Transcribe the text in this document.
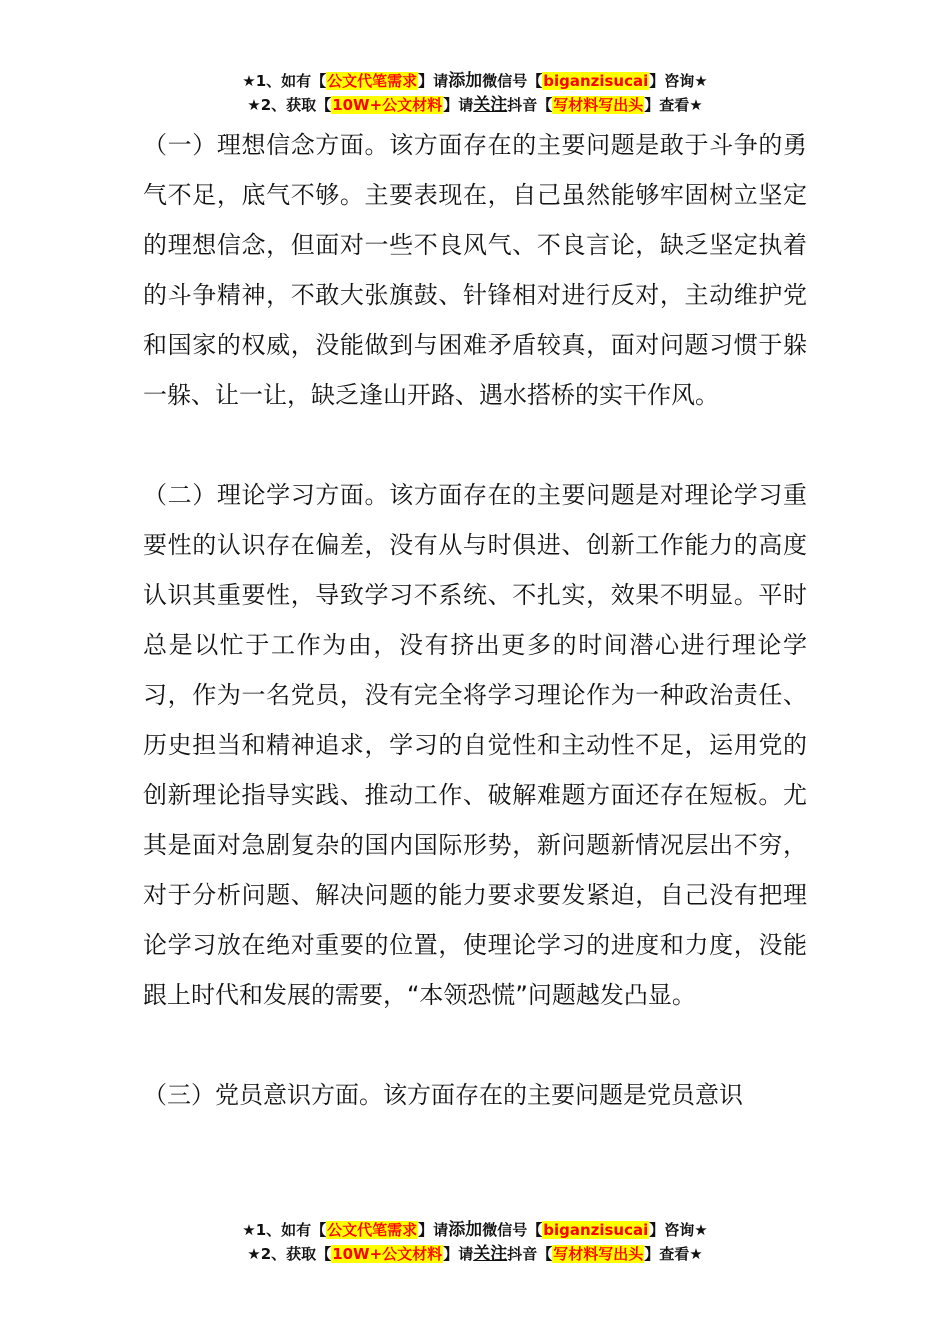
★1、如有【公文代笔需求】请添加微信号【biganzisucai】咨询★
★2、获取【10W+公文材料】请关注抖音【写材料写出头】查看★

（一）理想信念方面。该方面存在的主要问题是敢于斗争的勇气不足，底气不够。主要表现在，自己虽然能够牢固树立坚定的理想信念，但面对一些不良风气、不良言论，缺乏坚定执着的斗争精神，不敢大张旗鼓、针锋相对进行反对，主动维护党和国家的权威，没能做到与困难矛盾较真，面对问题习惯于躲一躲、让一让，缺乏逢山开路、遇水搭桥的实干作风。

（二）理论学习方面。该方面存在的主要问题是对理论学习重要性的认识存在偏差，没有从与时俱进、创新工作能力的高度认识其重要性，导致学习不系统、不扎实，效果不明显。平时总是以忙于工作为由，没有挤出更多的时间潜心进行理论学习，作为一名党员，没有完全将学习理论作为一种政治责任、历史担当和精神追求，学习的自觉性和主动性不足，运用党的创新理论指导实践、推动工作、破解难题方面还存在短板。尤其是面对急剧复杂的国内国际形势，新问题新情况层出不穷，对于分析问题、解决问题的能力要求要发紧迫，自己没有把理论学习放在绝对重要的位置，使理论学习的进度和力度，没能跟上时代和发展的需要，“本领恐慌”问题越发凸显。

（三）党员意识方面。该方面存在的主要问题是党员意识

★1、如有【公文代笔需求】请添加微信号【biganzisucai】咨询★
★2、获取【10W+公文材料】请关注抖音【写材料写出头】查看★
